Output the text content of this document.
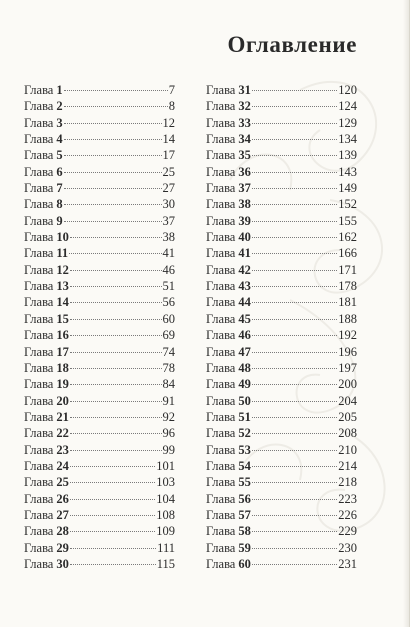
Оглавление
Глава 1	7
Глава 2	8
Глава 3	12
Глава 4	14
Глава 5	17
Глава 6	25
Глава 7	27
Глава 8	30
Глава 9	37
Глава 10	38
Глава 11	41
Глава 12	46
Глава 13	51
Глава 14	56
Глава 15	60
Глава 16	69
Глава 17	74
Глава 18	78
Глава 19	84
Глава 20	91
Глава 21	92
Глава 22	96
Глава 23	99
Глава 24	101
Глава 25	103
Глава 26	104
Глава 27	108
Глава 28	109
Глава 29	111
Глава 30	115
Глава 31	120
Глава 32	124
Глава 33	129
Глава 34	134
Глава 35	139
Глава 36	143
Глава 37	149
Глава 38	152
Глава 39	155
Глава 40	162
Глава 41	166
Глава 42	171
Глава 43	178
Глава 44	181
Глава 45	188
Глава 46	192
Глава 47	196
Глава 48	197
Глава 49	200
Глава 50	204
Глава 51	205
Глава 52	208
Глава 53	210
Глава 54	214
Глава 55	218
Глава 56	223
Глава 57	226
Глава 58	229
Глава 59	230
Глава 60	231
